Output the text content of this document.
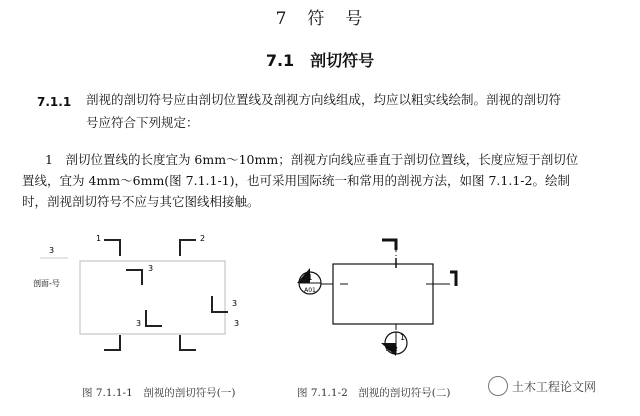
7　符　号
7.1　剖切符号
7.1.1 剖视的剖切符号应由剖切位置线及剖视方向线组成，均应以粗实线绘制。剖视的剖切符
号应符合下列规定：
1　剖切位置线的长度宜为 6mm～10mm；剖视方向线应垂直于剖切位置线，长度应短于剖切位
置线，宜为 4mm～6mm(图 7.1.1-1)，也可采用国际统一和常用的剖视方法，如图 7.1.1-2。绘制
时，剖视剖切符号不应与其它图线相接触。
3
1	2
3
3
3
3
剖面-号
1
A01
1
A02
图 7.1.1-1　剖视的剖切符号(一)	图 7.1.1-2　剖视的剖切符号(二)	土木工程论文网
